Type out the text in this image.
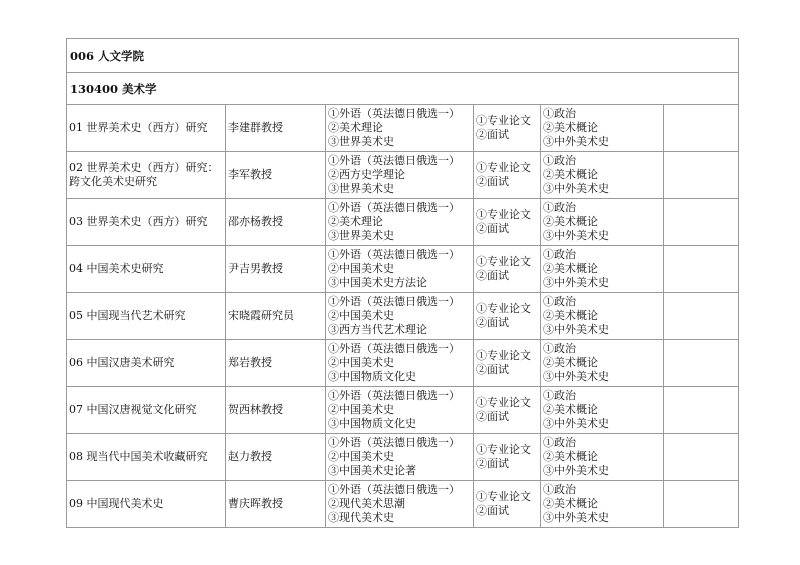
006 人文学院					
130400 美术学					
01 世界美术史（西方）研究	李建群教授	①外语（英法德日俄选一）
②美术理论
③世界美术史	①专业论文
②面试	①政治
②美术概论
③中外美术史	

02 世界美术史（西方）研究：跨文化美术史研究	李军教授	①外语（英法德日俄选一）
②西方史学理论
③世界美术史	①专业论文
②面试	①政治
②美术概论
③中外美术史	

03 世界美术史（西方）研究	邵亦杨教授	①外语（英法德日俄选一）
②美术理论
③世界美术史	①专业论文
②面试	①政治
②美术概论
③中外美术史	

04 中国美术史研究	尹吉男教授	①外语（英法德日俄选一）
②中国美术史
③中国美术史方法论	①专业论文
②面试	①政治
②美术概论
③中外美术史	

05 中国现当代艺术研究	宋晓霞研究员	①外语（英法德日俄选一）
②中国美术史
③西方当代艺术理论	①专业论文
②面试	①政治
②美术概论
③中外美术史	

06 中国汉唐美术研究	郑岩教授	①外语（英法德日俄选一）
②中国美术史
③中国物质文化史	①专业论文
②面试	①政治
②美术概论
③中外美术史	

07 中国汉唐视觉文化研究	贺西林教授	①外语（英法德日俄选一）
②中国美术史
③中国物质文化史	①专业论文
②面试	①政治
②美术概论
③中外美术史	

08 现当代中国美术收藏研究	赵力教授	①外语（英法德日俄选一）
②中国美术史
③中国美术史论著	①专业论文
②面试	①政治
②美术概论
③中外美术史	

09 中国现代美术史	曹庆晖教授	①外语（英法德日俄选一）
②现代美术思潮
③现代美术史	①专业论文
②面试	①政治
②美术概论
③中外美术史	
